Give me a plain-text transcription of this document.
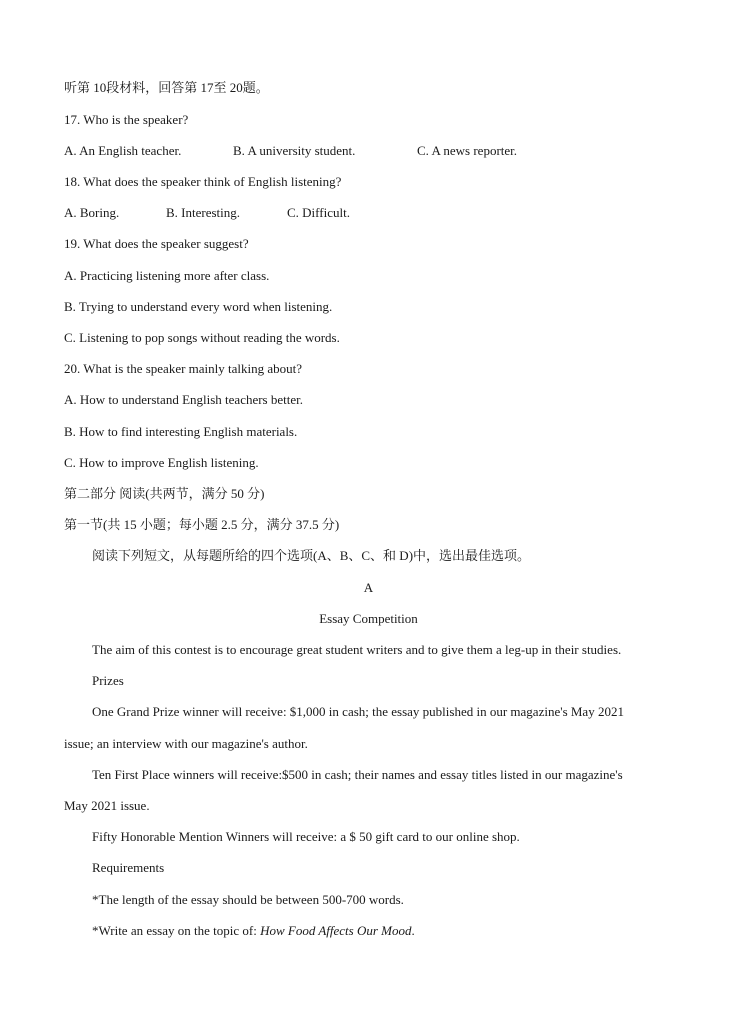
听第 10段材料，回答第 17至 20题。
17. Who is the speaker?
A. An English teacher.	B. A university student.	C. A news reporter.
18. What does the speaker think of English listening?
A. Boring.	B. Interesting.	C. Difficult.
19. What does the speaker suggest?
A. Practicing listening more after class.
B. Trying to understand every word when listening.
C. Listening to pop songs without reading the words.
20. What is the speaker mainly talking about?
A. How to understand English teachers better.
B. How to find interesting English materials.
C. How to improve English listening.
第二部分 阅读(共两节，满分 50 分)
第一节(共 15 小题；每小题 2.5 分，满分 37.5 分)
阅读下列短文，从每题所给的四个选项(A、B、C、和 D)中，选出最佳选项。
A
Essay Competition
The aim of this contest is to encourage great student writers and to give them a leg-up in their studies.
Prizes
One Grand Prize winner will receive: $1,000 in cash; the essay published in our magazine's May 2021
issue; an interview with our magazine's author.
Ten First Place winners will receive:$500 in cash; their names and essay titles listed in our magazine's
May 2021 issue.
Fifty Honorable Mention Winners will receive: a $ 50 gift card to our online shop.
Requirements
*The length of the essay should be between 500-700 words.
*Write an essay on the topic of: How Food Affects Our Mood.
